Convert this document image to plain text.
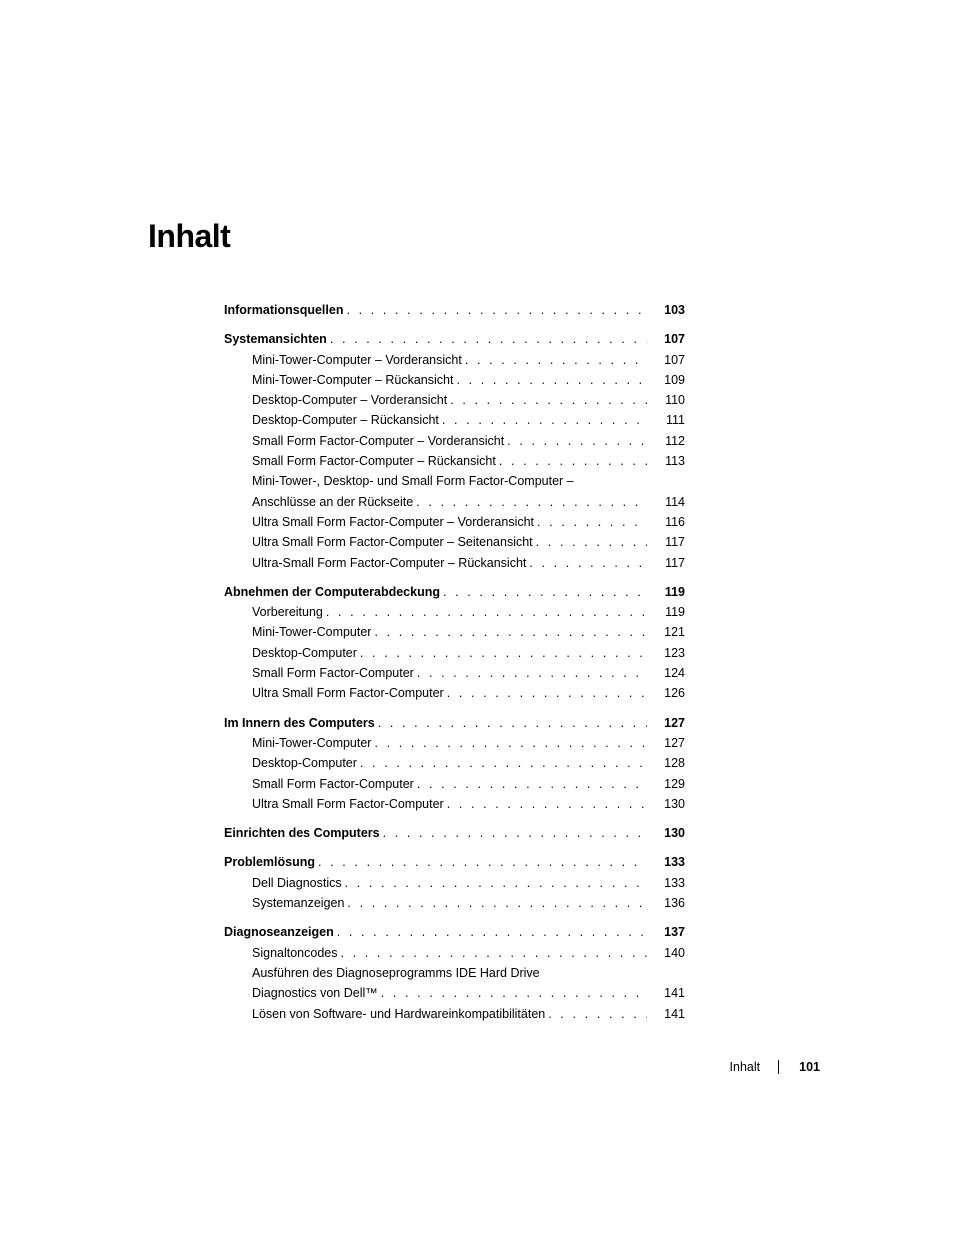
Inhalt
Informationsquellen . . .	103
Systemansichten . . .	107
Mini-Tower-Computer – Vorderansicht . . .	107
Mini-Tower-Computer – Rückansicht . . .	109
Desktop-Computer – Vorderansicht . . .	110
Desktop-Computer – Rückansicht . . .	111
Small Form Factor-Computer – Vorderansicht . . .	112
Small Form Factor-Computer – Rückansicht . . .	113
Mini-Tower-, Desktop- und Small Form Factor-Computer –
Anschlüsse an der Rückseite . . .	114
Ultra Small Form Factor-Computer – Vorderansicht . . .	116
Ultra Small Form Factor-Computer – Seitenansicht . . .	117
Ultra-Small Form Factor-Computer – Rückansicht . . .	117
Abnehmen der Computerabdeckung . . .	119
Vorbereitung . . .	119
Mini-Tower-Computer . . .	121
Desktop-Computer . . .	123
Small Form Factor-Computer . . .	124
Ultra Small Form Factor-Computer . . .	126
Im Innern des Computers . . .	127
Mini-Tower-Computer . . .	127
Desktop-Computer . . .	128
Small Form Factor-Computer . . .	129
Ultra Small Form Factor-Computer . . .	130
Einrichten des Computers . . .	130
Problemlösung . . .	133
Dell Diagnostics . . .	133
Systemanzeigen . . .	136
Diagnoseanzeigen . . .	137
Signaltoncodes . . .	140
Ausführen des Diagnoseprogramms IDE Hard Drive
Diagnostics von Dell™ . . .	141
Lösen von Software- und Hardwareinkompatibilitäten . . .	141
Inhalt	101
